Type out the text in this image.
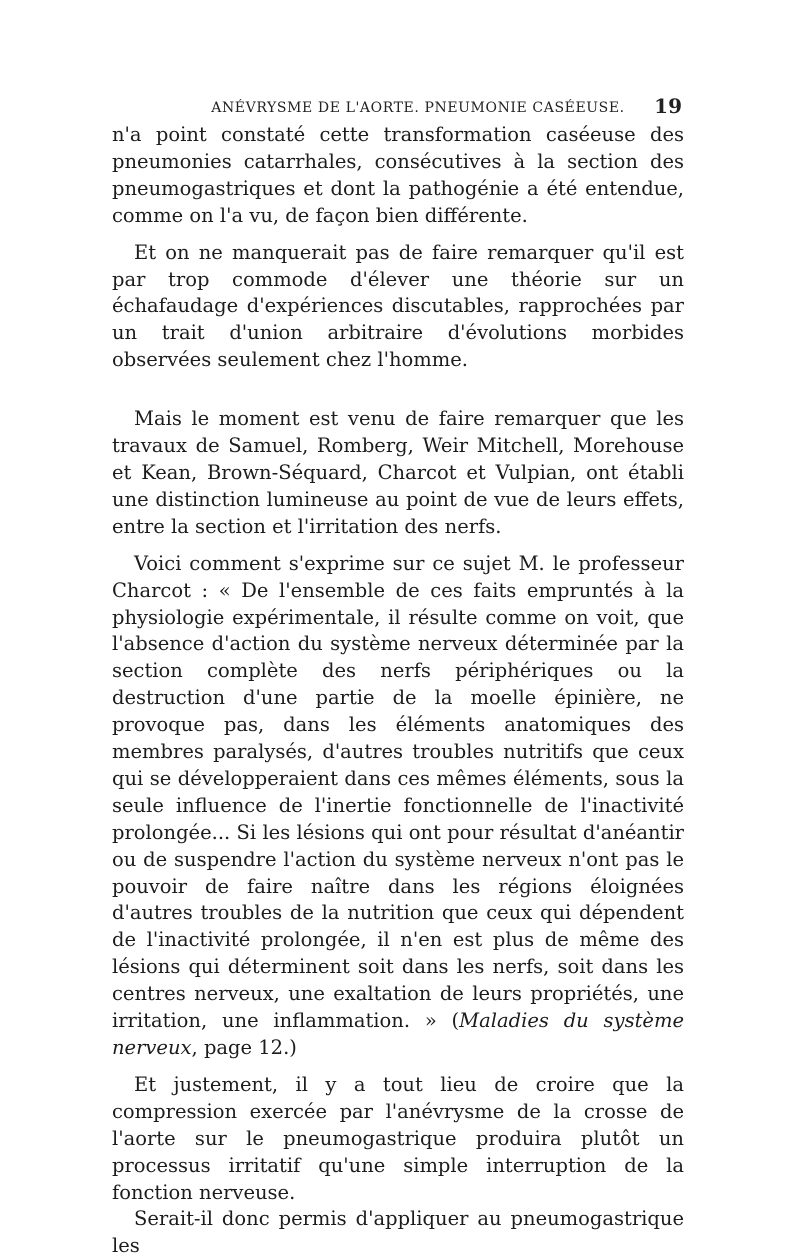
ANÉVRYSME DE L'AORTE. PNEUMONIE CASÉEUSE. 19

n'a point constaté cette transformation caséeuse des pneumonies catarrhales, consécutives à la section des pneumogastriques et dont la pathogénie a été entendue, comme on l'a vu, de façon bien différente.

Et on ne manquerait pas de faire remarquer qu'il est par trop commode d'élever une théorie sur un échafaudage d'expériences discutables, rapprochées par un trait d'union arbitraire d'évolutions morbides observées seulement chez l'homme.

Mais le moment est venu de faire remarquer que les travaux de Samuel, Romberg, Weir Mitchell, Morehouse et Kean, Brown-Séquard, Charcot et Vulpian, ont établi une distinction lumineuse au point de vue de leurs effets, entre la section et l'irritation des nerfs.

Voici comment s'exprime sur ce sujet M. le professeur Charcot : « De l'ensemble de ces faits empruntés à la physiologie expérimentale, il résulte comme on voit, que l'absence d'action du système nerveux déterminée par la section complète des nerfs périphériques ou la destruction d'une partie de la moelle épinière, ne provoque pas, dans les éléments anatomiques des membres paralysés, d'autres troubles nutritifs que ceux qui se développeraient dans ces mêmes éléments, sous la seule influence de l'inertie fonctionnelle de l'inactivité prolongée... Si les lésions qui ont pour résultat d'anéantir ou de suspendre l'action du système nerveux n'ont pas le pouvoir de faire naître dans les régions éloignées d'autres troubles de la nutrition que ceux qui dépendent de l'inactivité prolongée, il n'en est plus de même des lésions qui déterminent soit dans les nerfs, soit dans les centres nerveux, une exaltation de leurs propriétés, une irritation, une inflammation. » (Maladies du système nerveux, page 12.)

Et justement, il y a tout lieu de croire que la compression exercée par l'anévrysme de la crosse de l'aorte sur le pneumogastrique produira plutôt un processus irritatif qu'une simple interruption de la fonction nerveuse.

Serait-il donc permis d'appliquer au pneumogastrique les
